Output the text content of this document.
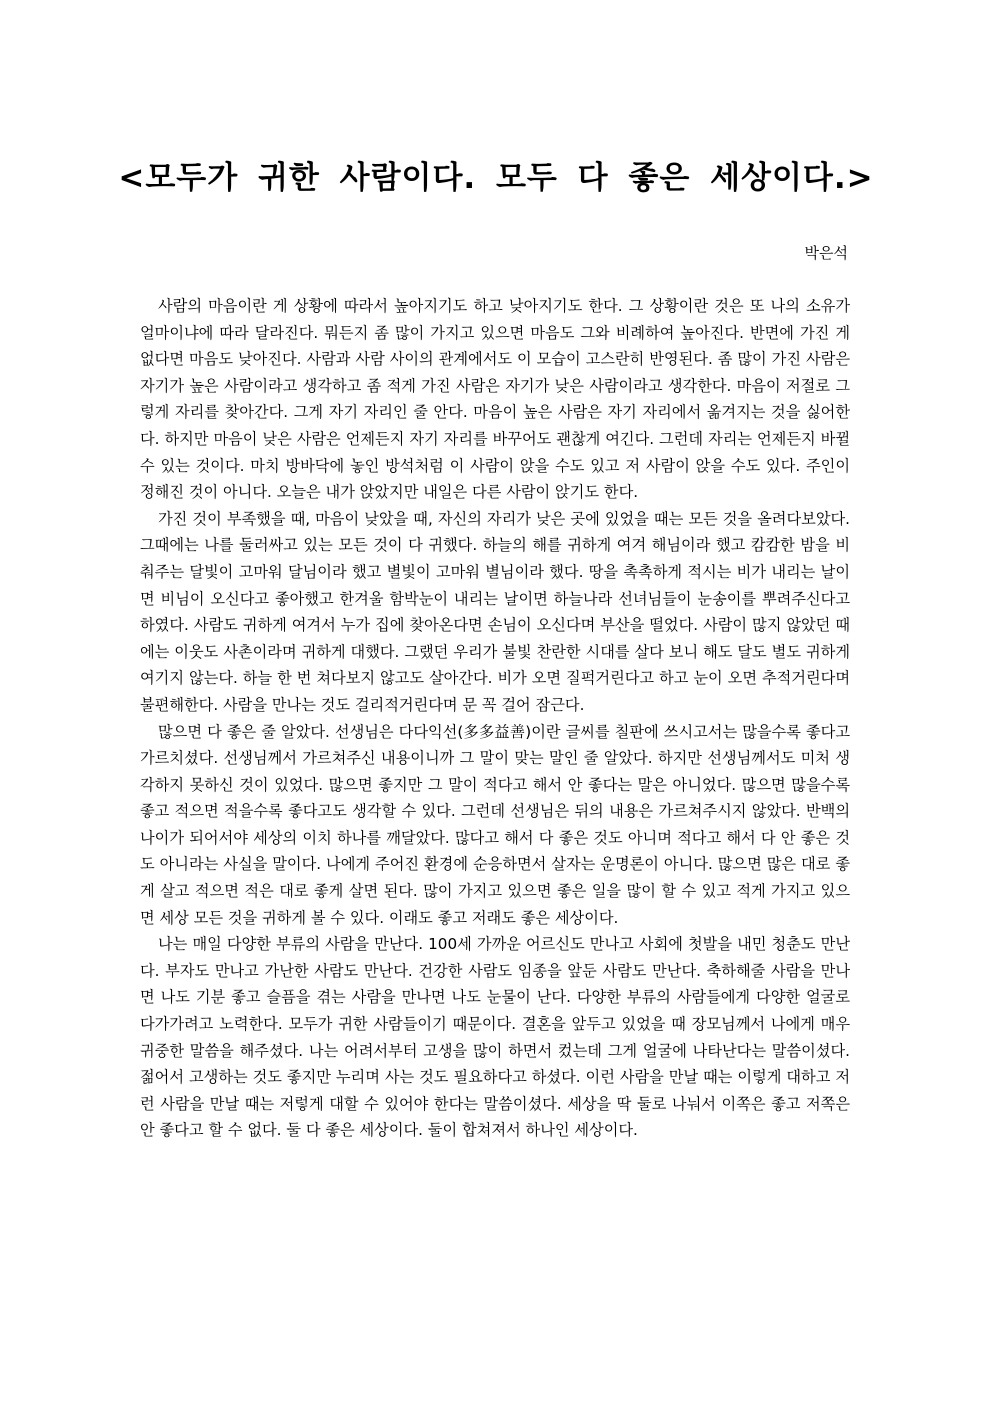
<모두가 귀한 사람이다. 모두 다 좋은 세상이다.>
박은석

사람의 마음이란 게 상황에 따라서 높아지기도 하고 낮아지기도 한다. 그 상황이란 것은 또 나의 소유가 얼마이냐에 따라 달라진다. 뭐든지 좀 많이 가지고 있으면 마음도 그와 비례하여 높아진다. 반면에 가진 게 없다면 마음도 낮아진다. 사람과 사람 사이의 관계에서도 이 모습이 고스란히 반영된다. 좀 많이 가진 사람은 자기가 높은 사람이라고 생각하고 좀 적게 가진 사람은 자기가 낮은 사람이라고 생각한다. 마음이 저절로 그렇게 자리를 찾아간다. 그게 자기 자리인 줄 안다. 마음이 높은 사람은 자기 자리에서 옮겨지는 것을 싫어한다. 하지만 마음이 낮은 사람은 언제든지 자기 자리를 바꾸어도 괜찮게 여긴다. 그런데 자리는 언제든지 바뀔 수 있는 것이다. 마치 방바닥에 놓인 방석처럼 이 사람이 앉을 수도 있고 저 사람이 앉을 수도 있다. 주인이 정해진 것이 아니다. 오늘은 내가 앉았지만 내일은 다른 사람이 앉기도 한다.

가진 것이 부족했을 때, 마음이 낮았을 때, 자신의 자리가 낮은 곳에 있었을 때는 모든 것을 올려다보았다. 그때에는 나를 둘러싸고 있는 모든 것이 다 귀했다. 하늘의 해를 귀하게 여겨 해님이라 했고 캄캄한 밤을 비춰주는 달빛이 고마워 달님이라 했고 별빛이 고마워 별님이라 했다. 땅을 촉촉하게 적시는 비가 내리는 날이면 비님이 오신다고 좋아했고 한겨울 함박눈이 내리는 날이면 하늘나라 선녀님들이 눈송이를 뿌려주신다고 하였다. 사람도 귀하게 여겨서 누가 집에 찾아온다면 손님이 오신다며 부산을 떨었다. 사람이 많지 않았던 때에는 이웃도 사촌이라며 귀하게 대했다. 그랬던 우리가 불빛 찬란한 시대를 살다 보니 해도 달도 별도 귀하게 여기지 않는다. 하늘 한 번 쳐다보지 않고도 살아간다. 비가 오면 질퍽거린다고 하고 눈이 오면 추적거린다며 불편해한다. 사람을 만나는 것도 걸리적거린다며 문 꼭 걸어 잠근다.

많으면 다 좋은 줄 알았다. 선생님은 다다익선(多多益善)이란 글씨를 칠판에 쓰시고서는 많을수록 좋다고 가르치셨다. 선생님께서 가르쳐주신 내용이니까 그 말이 맞는 말인 줄 알았다. 하지만 선생님께서도 미처 생각하지 못하신 것이 있었다. 많으면 좋지만 그 말이 적다고 해서 안 좋다는 말은 아니었다. 많으면 많을수록 좋고 적으면 적을수록 좋다고도 생각할 수 있다. 그런데 선생님은 뒤의 내용은 가르쳐주시지 않았다. 반백의 나이가 되어서야 세상의 이치 하나를 깨달았다. 많다고 해서 다 좋은 것도 아니며 적다고 해서 다 안 좋은 것도 아니라는 사실을 말이다. 나에게 주어진 환경에 순응하면서 살자는 운명론이 아니다. 많으면 많은 대로 좋게 살고 적으면 적은 대로 좋게 살면 된다. 많이 가지고 있으면 좋은 일을 많이 할 수 있고 적게 가지고 있으면 세상 모든 것을 귀하게 볼 수 있다. 이래도 좋고 저래도 좋은 세상이다.

나는 매일 다양한 부류의 사람을 만난다. 100세 가까운 어르신도 만나고 사회에 첫발을 내민 청춘도 만난다. 부자도 만나고 가난한 사람도 만난다. 건강한 사람도 임종을 앞둔 사람도 만난다. 축하해줄 사람을 만나면 나도 기분 좋고 슬픔을 겪는 사람을 만나면 나도 눈물이 난다. 다양한 부류의 사람들에게 다양한 얼굴로 다가가려고 노력한다. 모두가 귀한 사람들이기 때문이다. 결혼을 앞두고 있었을 때 장모님께서 나에게 매우 귀중한 말씀을 해주셨다. 나는 어려서부터 고생을 많이 하면서 컸는데 그게 얼굴에 나타난다는 말씀이셨다. 젊어서 고생하는 것도 좋지만 누리며 사는 것도 필요하다고 하셨다. 이런 사람을 만날 때는 이렇게 대하고 저런 사람을 만날 때는 저렇게 대할 수 있어야 한다는 말씀이셨다. 세상을 딱 둘로 나눠서 이쪽은 좋고 저쪽은 안 좋다고 할 수 없다. 둘 다 좋은 세상이다. 둘이 합쳐져서 하나인 세상이다.
